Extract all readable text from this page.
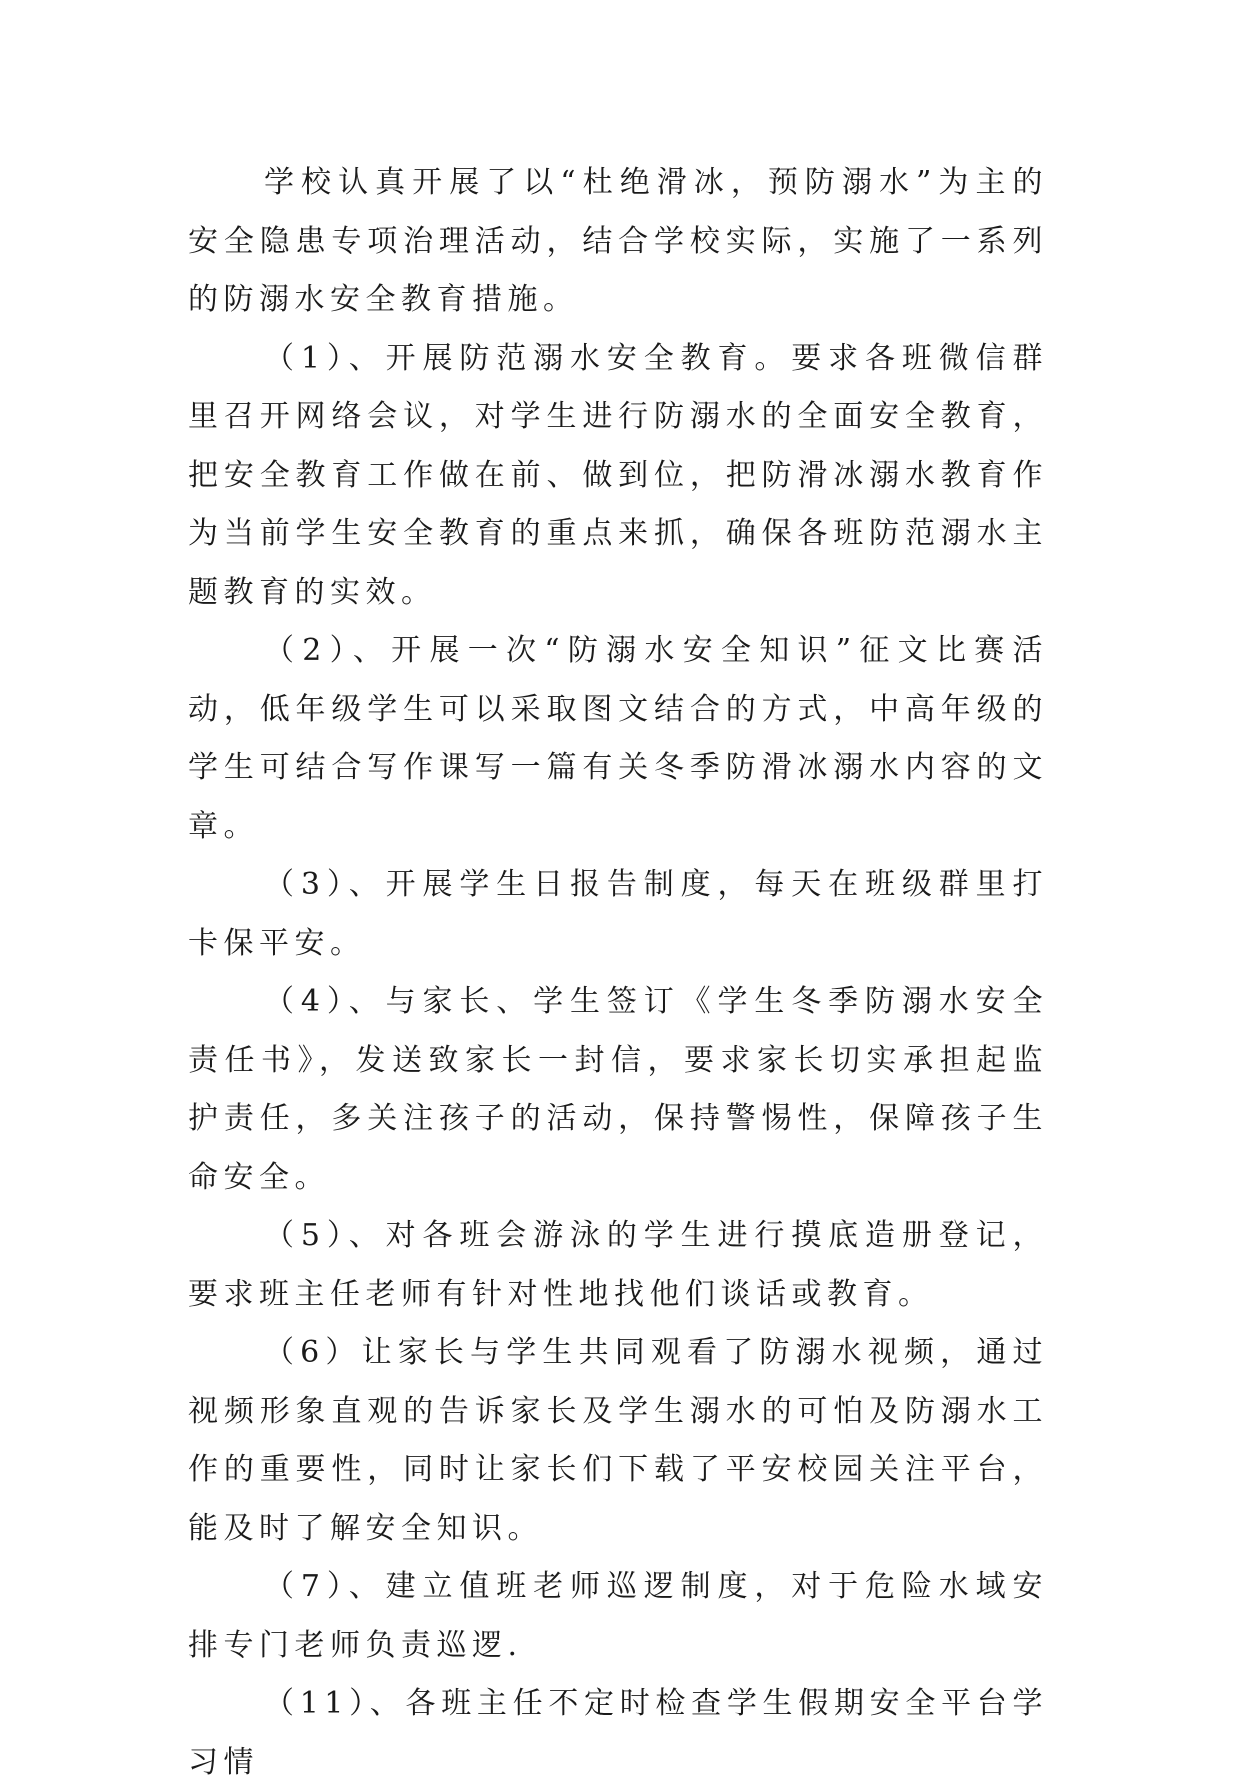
学校认真开展了以“杜绝滑冰，预防溺水”为主的安全隐患专项治理活动，结合学校实际，实施了一系列的防溺水安全教育措施。

（1）、开展防范溺水安全教育。要求各班微信群里召开网络会议，对学生进行防溺水的全面安全教育，把安全教育工作做在前、做到位，把防滑冰溺水教育作为当前学生安全教育的重点来抓，确保各班防范溺水主题教育的实效。

（2）、开展一次“防溺水安全知识”征文比赛活动，低年级学生可以采取图文结合的方式，中高年级的学生可结合写作课写一篇有关冬季防滑冰溺水内容的文章。

（3）、开展学生日报告制度，每天在班级群里打卡保平安。

（4）、与家长、学生签订《学生冬季防溺水安全责任书》，发送致家长一封信，要求家长切实承担起监护责任，多关注孩子的活动，保持警惕性，保障孩子生命安全。

（5）、对各班会游泳的学生进行摸底造册登记，要求班主任老师有针对性地找他们谈话或教育。

（6）让家长与学生共同观看了防溺水视频，通过视频形象直观的告诉家长及学生溺水的可怕及防溺水工作的重要性，同时让家长们下载了平安校园关注平台，能及时了解安全知识。

（7）、建立值班老师巡逻制度，对于危险水域安排专门老师负责巡逻.

（11）、各班主任不定时检查学生假期安全平台学习情
